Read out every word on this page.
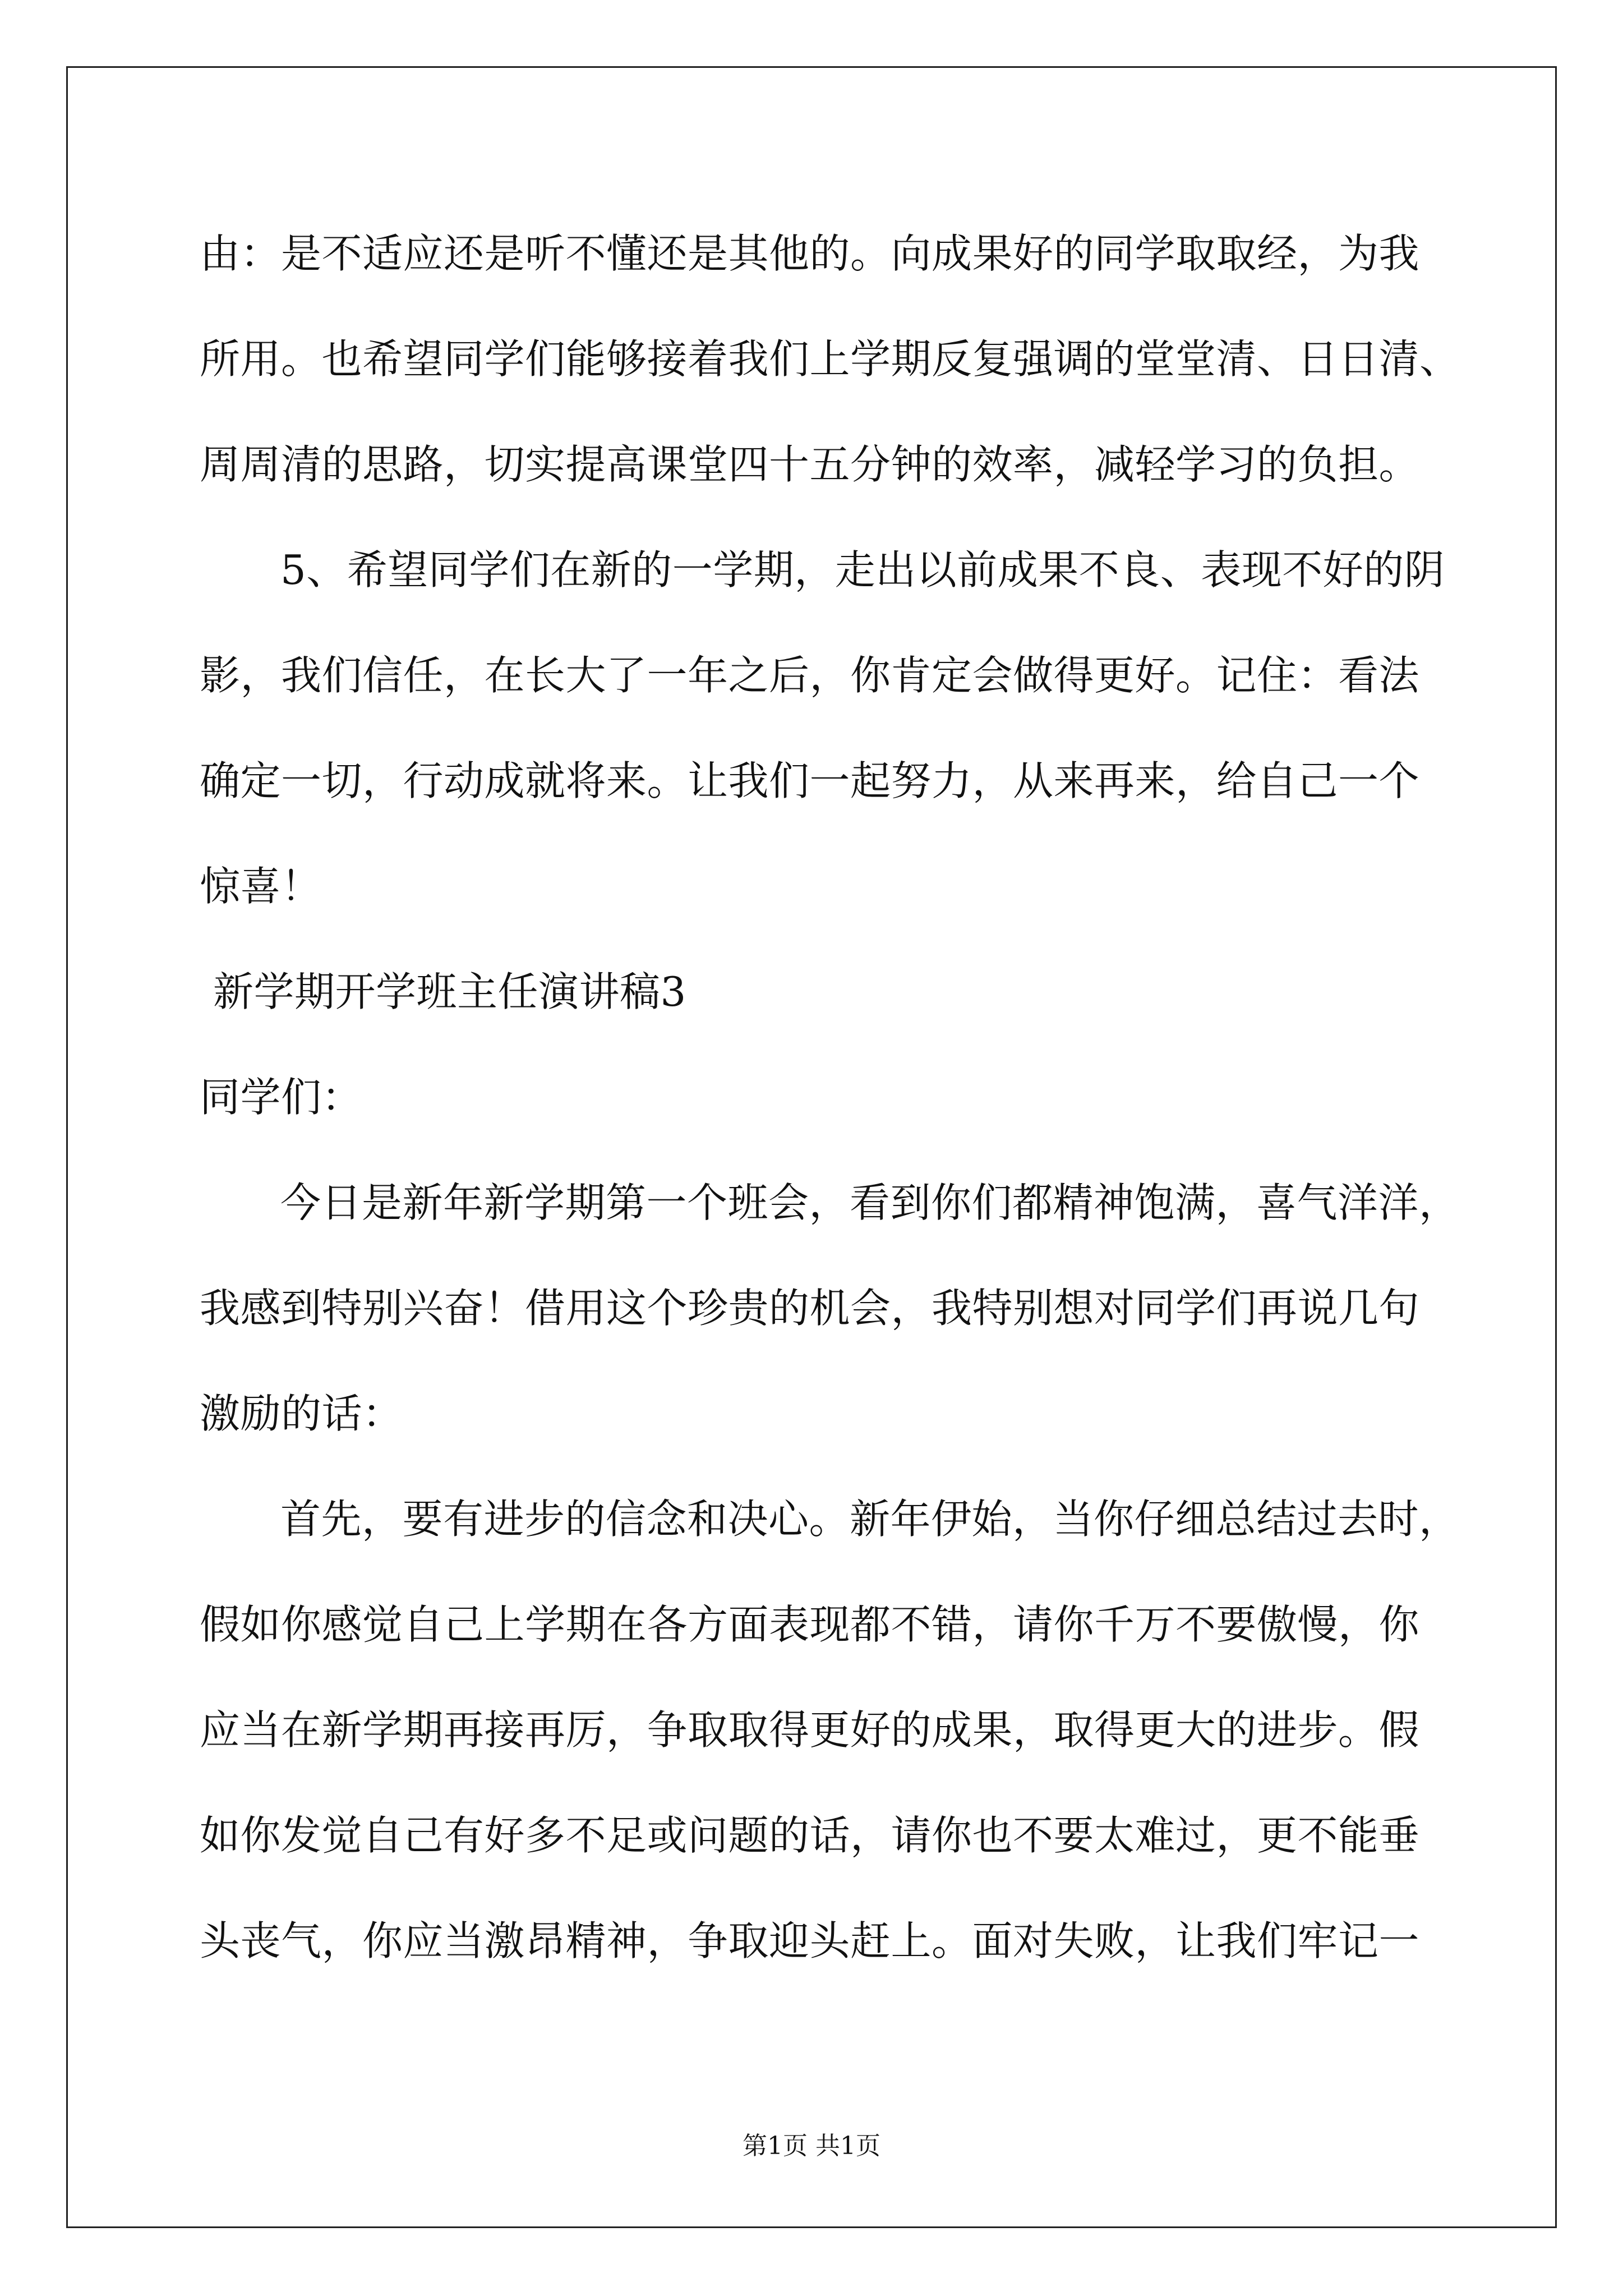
由：是不适应还是听不懂还是其他的。向成果好的同学取取经，为我
所用。也希望同学们能够接着我们上学期反复强调的堂堂清、日日清、
周周清的思路，切实提高课堂四十五分钟的效率，减轻学习的负担。
5、希望同学们在新的一学期，走出以前成果不良、表现不好的阴
影，我们信任，在长大了一年之后，你肯定会做得更好。记住：看法
确定一切，行动成就将来。让我们一起努力，从来再来，给自己一个
惊喜！
新学期开学班主任演讲稿3
同学们：
今日是新年新学期第一个班会，看到你们都精神饱满，喜气洋洋，
我感到特别兴奋！借用这个珍贵的机会，我特别想对同学们再说几句
激励的话：
首先，要有进步的信念和决心。新年伊始，当你仔细总结过去时，
假如你感觉自己上学期在各方面表现都不错，请你千万不要傲慢，你
应当在新学期再接再厉，争取取得更好的成果，取得更大的进步。假
如你发觉自己有好多不足或问题的话，请你也不要太难过，更不能垂
头丧气，你应当激昂精神，争取迎头赶上。面对失败，让我们牢记一
第1页 共1页
